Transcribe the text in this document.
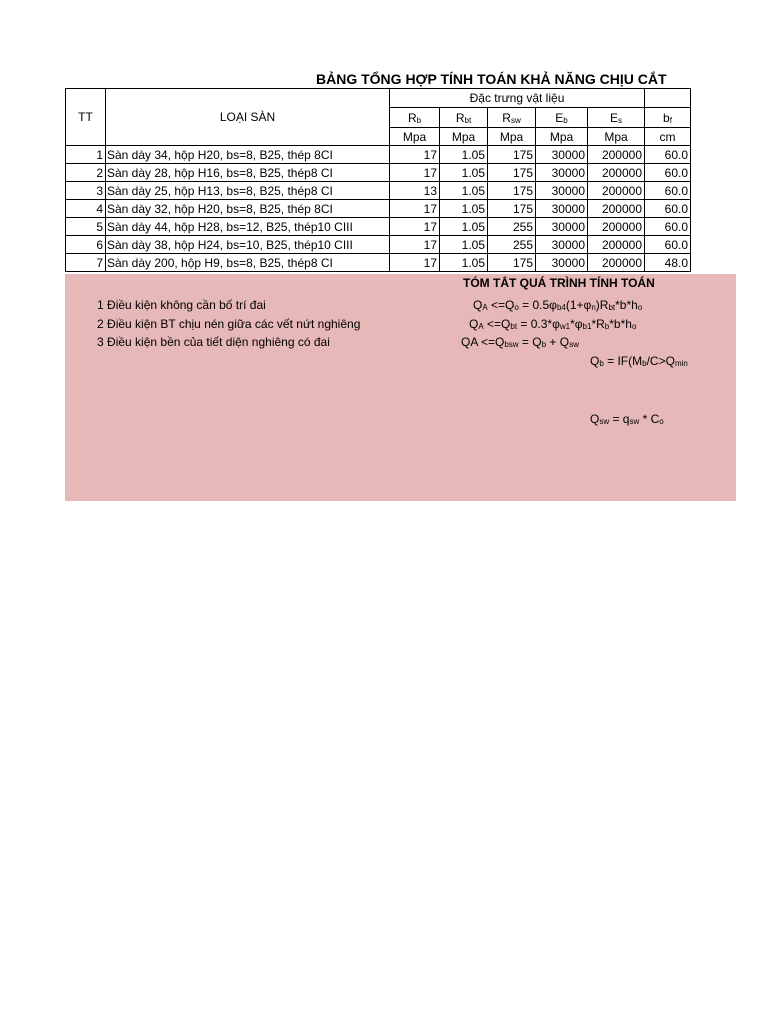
BẢNG TỔNG HỢP TÍNH TOÁN KHẢ NĂNG CHỊU CẮT
TT	LOẠI SÀN	Đặc trưng vật liệu					
		$R_b$	$R_{bt}$	$R_{sw}$	$E_b$	$E_s$	$b_f$
		Mpa	Mpa	Mpa	Mpa	Mpa	cm
1	Sàn dày 34, hộp H20, bs=8, B25, thép 8CI	17	1.05	175	30000	200000	60.0
2	Sàn dày 28, hộp H16, bs=8, B25, thép8 CI	17	1.05	175	30000	200000	60.0
3	Sàn dày 25, hộp H13, bs=8, B25, thép8 CI	13	1.05	175	30000	200000	60.0
4	Sàn dày 32, hộp H20, bs=8, B25, thép 8CI	17	1.05	175	30000	200000	60.0
5	Sàn dày 44, hộp H28, bs=12, B25, thép10 CIII	17	1.05	255	30000	200000	60.0
6	Sàn dày 38, hộp H24, bs=10, B25, thép10 CIII	17	1.05	255	30000	200000	60.0
7	Sàn dày 200, hộp H9, bs=8, B25, thép8 CI	17	1.05	175	30000	200000	48.0
TÓM TẮT QUÁ TRÌNH TÍNH TOÁN
1 Điều kiện không cần bố trí đai
2 Điều kiện BT chịu nén giữa các vết nứt nghiêng
3 Điều kiện bền của tiết diện nghiêng có đai
$Q_A <=Q_o = 0.5\varphi_{b4}(1+\varphi_n)R_{bt}*b*h_o$
$Q_A <=Q_{bt} = 0.3*\varphi_{w1}*\varphi_{b1}*R_b*b*h_o$
QA $<=Q_{bsw} = Q_b + Q_{sw}$
$Q_b = IF(M_b/C>Q_{min}$
$Q_{sw} = q_{sw} * C_o$
